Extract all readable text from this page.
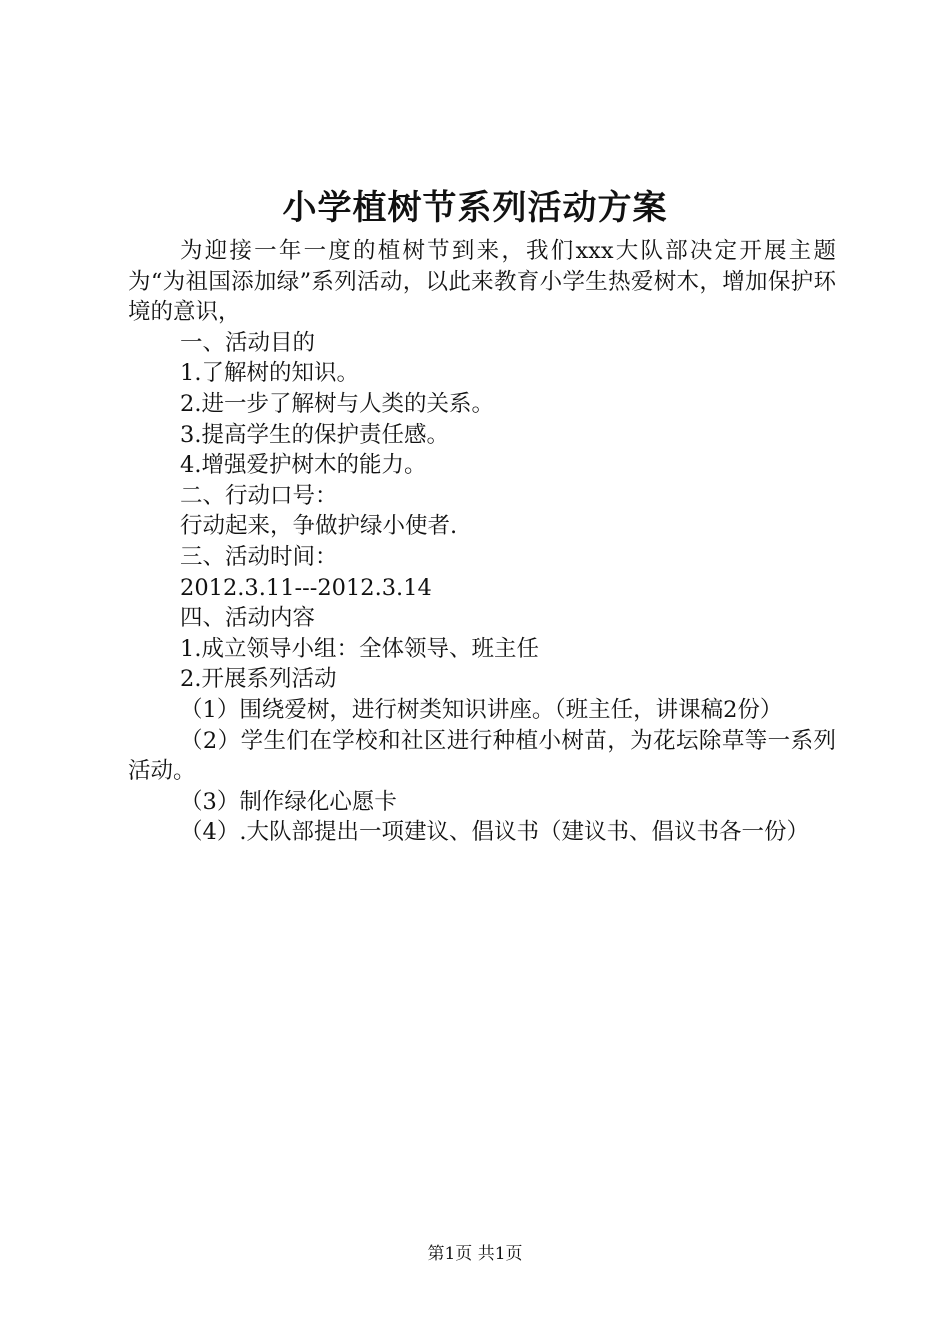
小学植树节系列活动方案

为迎接一年一度的植树节到来，我们xxx大队部决定开展主题为“为祖国添加绿”系列活动，以此来教育小学生热爱树木，增加保护环境的意识，

一、活动目的

1.了解树的知识。

2.进一步了解树与人类的关系。

3.提高学生的保护责任感。

4.增强爱护树木的能力。

二、行动口号：

行动起来，争做护绿小使者.

三、活动时间：

2012.3.11---2012.3.14

四、活动内容

1.成立领导小组：全体领导、班主任

2.开展系列活动

（1）围绕爱树，进行树类知识讲座。（班主任，讲课稿2份）

（2）学生们在学校和社区进行种植小树苗，为花坛除草等一系列活动。

（3）制作绿化心愿卡

（4）.大队部提出一项建议、倡议书（建议书、倡议书各一份）

第1页 共1页
